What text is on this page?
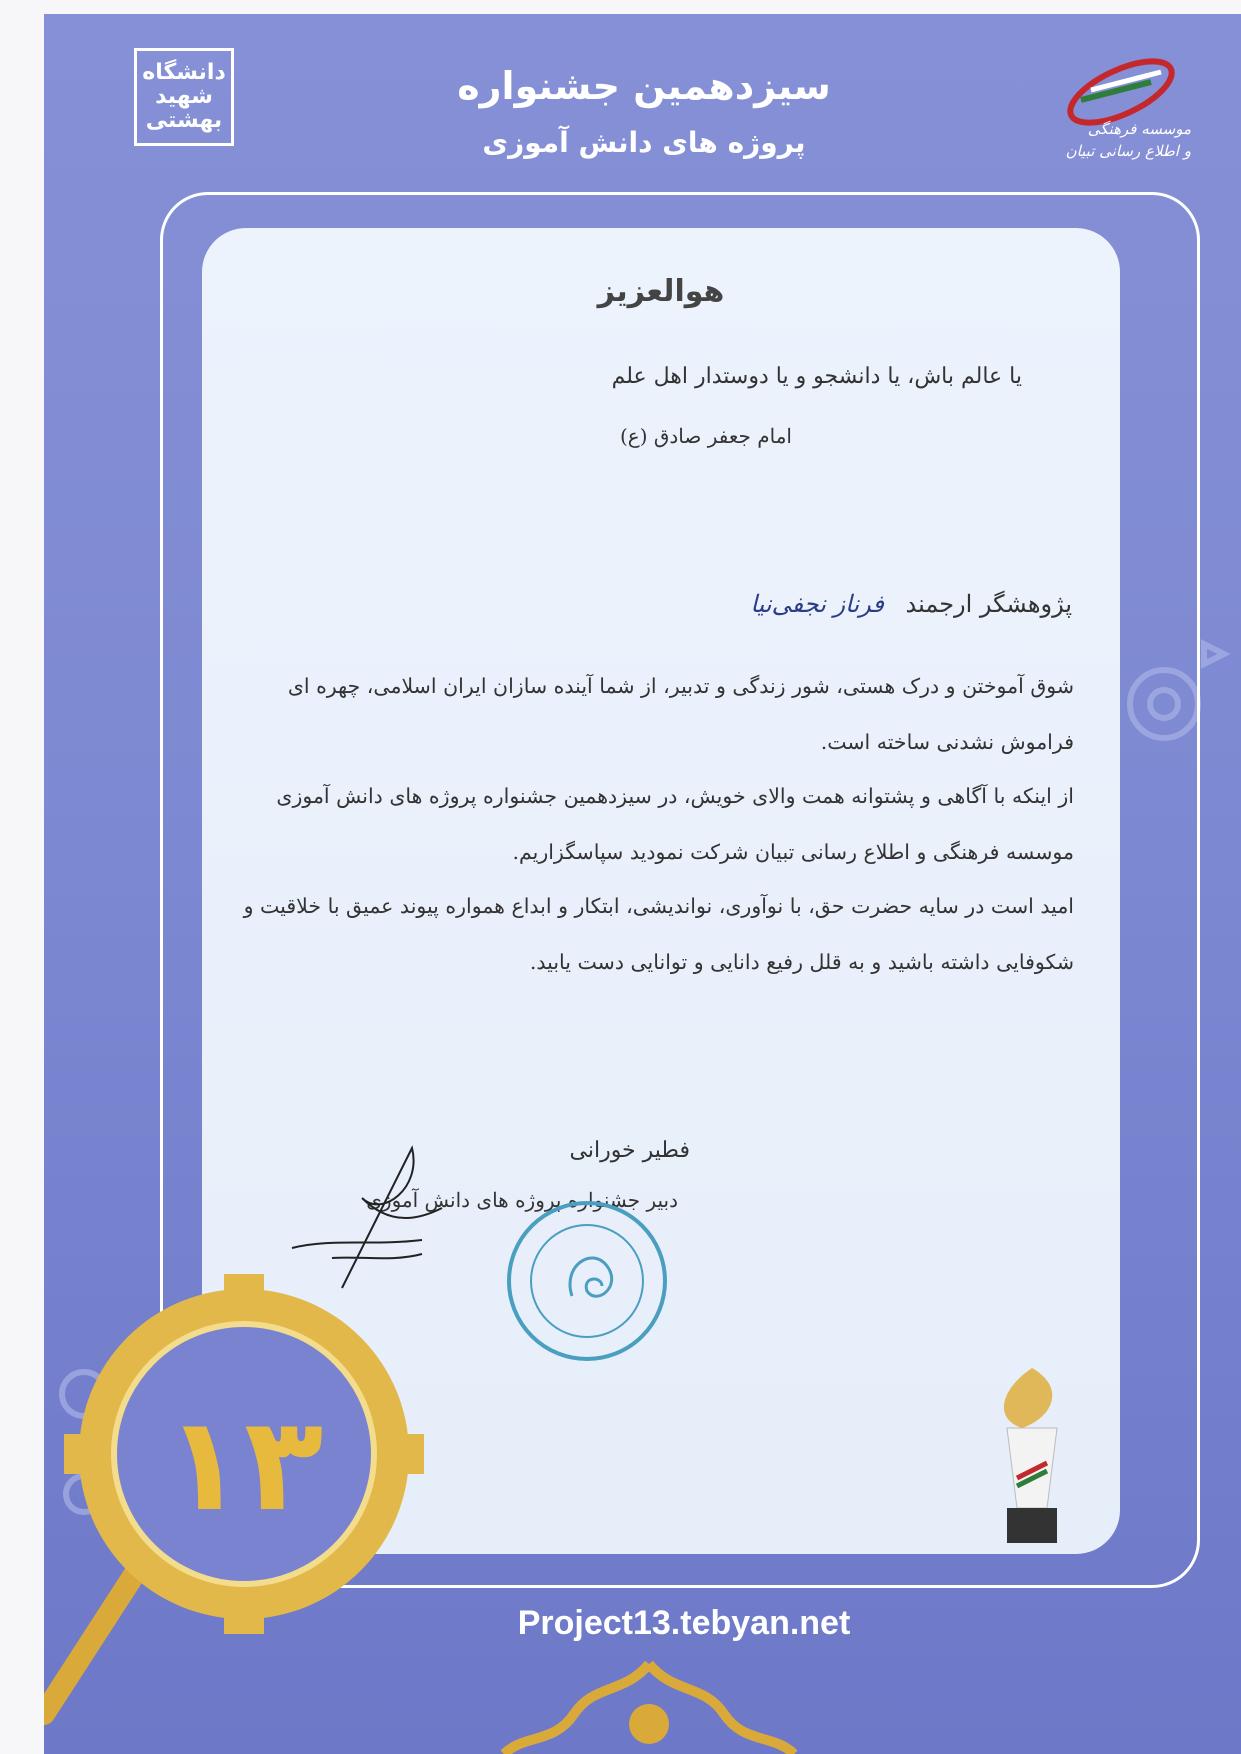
دانشگاه شهید بهشتی	موسسه فرهنگی
و اطلاع رسانی تبیان
سیزدهمین جشنواره
پروژه های دانش آموزی
هوالعزیز
یا عالم باش، یا دانشجو و یا دوستدار اهل علم
امام جعفر صادق (ع)
پژوهشگر ارجمند فرناز نجفی‌نیا
شوق آموختن و درک هستی، شور زندگی و تدبیر، از شما آینده سازان ایران اسلامی، چهره ای فراموش نشدنی ساخته است.
از اینکه با آگاهی و پشتوانه همت والای خویش، در سیزدهمین جشنواره پروژه های دانش آموزی موسسه فرهنگی و اطلاع رسانی تبیان شرکت نمودید سپاسگزاریم.
امید است در سایه حضرت حق، با نوآوری، نواندیشی، ابتکار و ابداع همواره پیوند عمیق با خلاقیت و شکوفایی داشته باشید و به قلل رفیع دانایی و توانایی دست یابید.
فطیر خورانی
دبیر جشنواره پروژه های دانش آموزی
۱۳
Project13.tebyan.net
